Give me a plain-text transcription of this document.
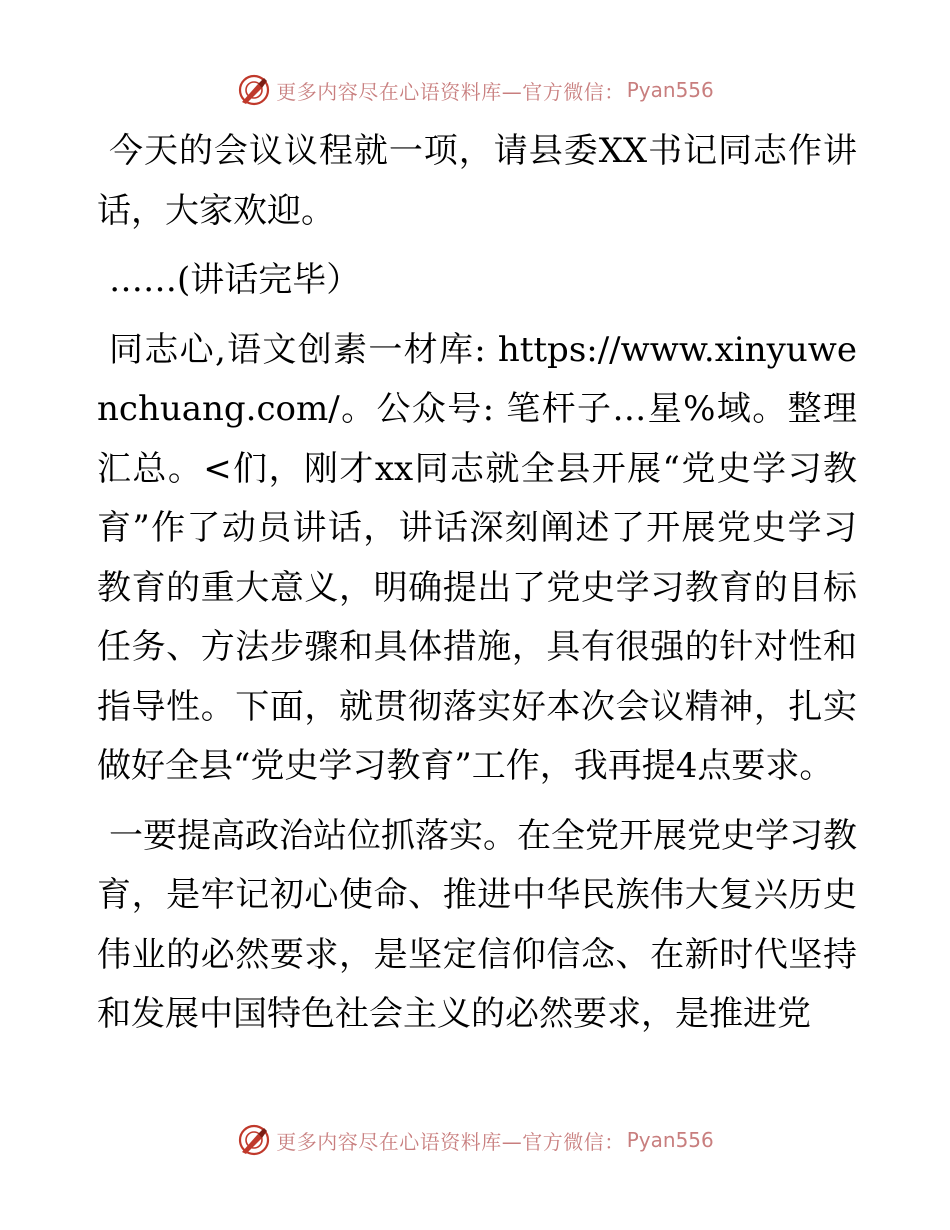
更多内容尽在心语资料库—官方微信： Pyan556

今天的会议议程就一项，请县委XX书记同志作讲话，大家欢迎。

……(讲话完毕）

同志心,语文创素一材库: https://www.xinyuwenchuang.com/。公众号: 笔杆子…星%域。整理汇总。<们，刚才xx同志就全县开展“党史学习教育”作了动员讲话，讲话深刻阐述了开展党史学习教育的重大意义，明确提出了党史学习教育的目标任务、方法步骤和具体措施，具有很强的针对性和指导性。下面，就贯彻落实好本次会议精神，扎实做好全县“党史学习教育”工作，我再提4点要求。

一要提高政治站位抓落实。在全党开展党史学习教育，是牢记初心使命、推进中华民族伟大复兴历史伟业的必然要求，是坚定信仰信念、在新时代坚持和发展中国特色社会主义的必然要求，是推进党

更多内容尽在心语资料库—官方微信： Pyan556
